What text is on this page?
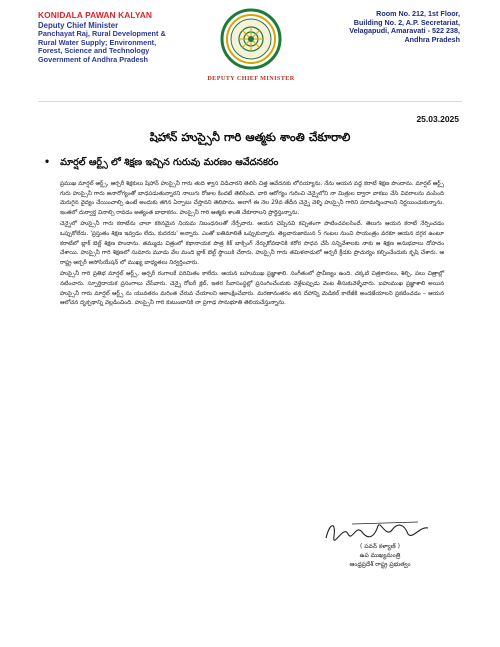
KONIDALA PAWAN KALYAN
Deputy Chief Minister
Panchayat Raj, Rural Development &
Rural Water Supply; Environment,
Forest, Science and Technology
Government of Andhra Pradesh
DEPUTY CHIEF MINISTER
Room No. 212, 1st Floor,
Building No. 2, A.P. Secretariat,
Velagapudi, Amaravati - 522 238,
Andhra Pradesh
25.03.2025
షిహాన్ హుస్సైనీ గారి ఆత్మకు శాంతి చేకూరాలి
• మార్షల్ ఆర్ట్స్ లో శిక్షణ ఇచ్చిన గురువు మరణం ఆవేదనకరం

ప్రముఖ మార్షల్ ఆర్ట్స్, ఆర్చరీ శిక్షకులు షిహాన్ హుస్సైనీ గారు తుది శ్వాస విడిచారని తెలిసి చిత్త ఆవేదనకు లోనయ్యాను. నేను ఆయన వద్ద కరాటే శిక్షణ పొందాను. మార్షల్ ఆర్ట్స్ గురు హుస్సైనీ గారు అనారోగ్యంతో బాధపడుతున్నారని నాలుగు రోజుల కిందటే తెలిసింది. వారి ఆరోగ్యం గురించి చెన్నైలోని నా మిత్రుల ద్వారా వాకబు చేసి వివరాలను వంపింది మెరుగైన వైద్యం చేయించాల్సి ఉంటే అందుకు తగిన ఏర్పాటు చేస్తానని తెలిపాను. అలాగే ఈ నెల 29వ తేదీన చెన్నై వెళ్ళి హుస్సైనీ గారిని పరామర్శించాలని నిర్ణయించుకున్నాను. ఇంతలో దుర్వార్త వినాల్సి రావడం అత్యంత బాధాకరం. హుస్సైనీ గారి ఆత్మకు శాంతి చేకూరాలని ప్రార్థిస్తున్నాను.

చెన్నైలో హుస్సైనీ గారు కరాటేను చాలా కఠినమైన నియమ నిబంధనలతో నేర్పేవారు. ఆయన చెప్పినవి కచ్చితంగా పాటించవలసిందే. తెలుగు ఆయన కరాటే నేర్పించడం ఒప్పుకోలేదు. 'ప్రస్తుతం శిక్షణ ఇవ్వడం లేదు, కుదరదు' అన్నారు. ఎంతో బతిమాలితే ఒప్పుకున్నారు. తెల్లవారుజామున 5 గంటల నుంచి సాయంత్రం వరకూ ఆయన దగ్గర ఉంటూ కరాటేలో బ్లాక్ బెల్ట్ శిక్షణ పొందాను. తమ్ముడు చిత్రంలో కథానాయక పాత్ర కిక్ బాక్సింగ్ నేర్చుకోవడానికి కఠోర సాధన చేసే సన్నివేశాలకు నాకు ఆ శిక్షణ అనుభవాలు దోహదం చేశాయి. హుస్సైనీ గారి శిక్షణలో సుమారు మూడు వేల మంది బ్లాక్ బెల్ట్ స్థాయికి చేరారు. హుస్సైనీ గారు తమిళనాడులో ఆర్చరీ క్రీడకు ప్రాచుర్యం కల్పించేందుకు కృషి చేశారు. ఆ రాష్ట్ర ఆర్చరీ అసోసియేషన్ లో ముఖ్య బాధ్యతలు నిర్వర్తించారు.

హుస్సైనీ గారి ప్రతిభ మార్షల్ ఆర్ట్స్, ఆర్చరీ రంగాలకే పరిమితం కాలేదు. ఆయన బహుముఖ ప్రజ్ఞాశాలి. సంగీతంలో ప్రావీణ్యం ఉంది. చక్కటి చిత్రకారులు, శిల్పి. పలు చిత్రాల్లో నటించారు. స్ఫూర్తిదాయక ప్రసంగాలు చేసేవారు. చెన్నై రోటరీ క్లబ్, ఇతర సేవాసంస్థల్లో ప్రసంగించేందుకు వెళ్లేటప్పుడు వెంట తీసుకువెళ్ళేవారు. బహుముఖ ప్రజ్ఞాశాలి అయిన హుస్సైనీ గారు మార్షల్ ఆర్ట్స్ ను యువతరం మరింత చేరువ చేయాలని ఆకాంక్షించేవారు. మరణానంతరం తన దేహాన్ని మెడికల్ కాలేజీకి అందజేయాలని ప్రకటించడం – ఆయన ఆలోచన దృక్పథాన్ని వెల్లడించింది. హుస్సైనీ గారి కుటుంబానికి నా ప్రగాఢ సానుభూతి తెలియచేస్తున్నాను.

( పవన్ కళ్యాణ్ )
ఉప ముఖ్యమంత్రి
ఆంధ్రప్రదేశ్ రాష్ట్ర ప్రభుత్వం
